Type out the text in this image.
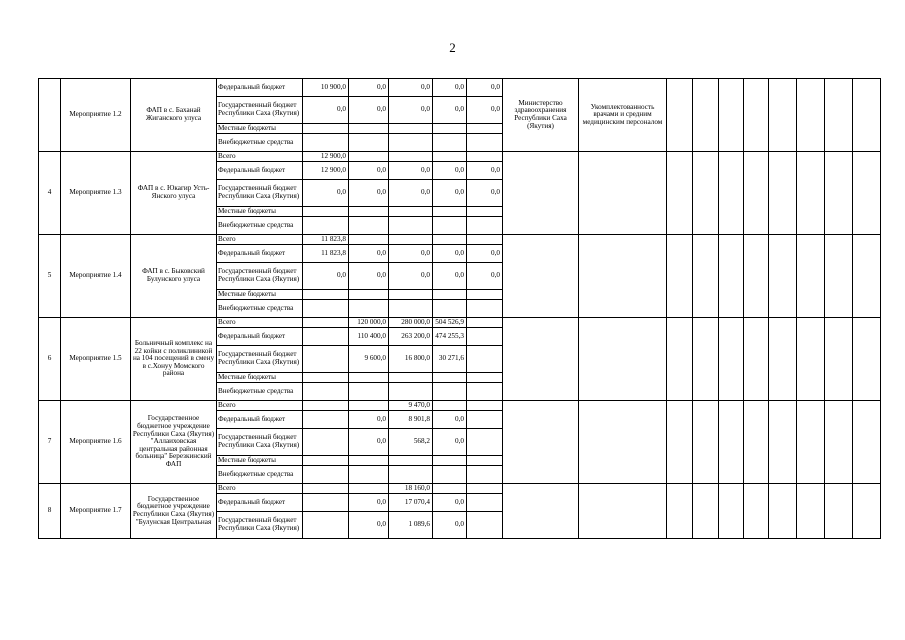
2
	Мероприятие 1.2	ФАП в с. Баханай Жиганского улуса	Федеральный бюджет	10 900,0	0,0	0,0	0,0	0,0	Министерство здравоохранения Республики Саха (Якутия)	Укомплектованность врачами и средним медицинским персоналом								
			Государственный бюджет Республики Саха (Якутия)	0,0	0,0	0,0	0,0	0,0										
			Местные бюджеты															
			Внебюджетные средства															
4	Мероприятие 1.3	ФАП в с. Юкагир Усть-Янского улуса	Всего	12 900,0														
			Федеральный бюджет	12 900,0	0,0	0,0	0,0	0,0										
			Государственный бюджет Республики Саха (Якутия)	0,0	0,0	0,0	0,0	0,0										
			Местные бюджеты															
			Внебюджетные средства															
5	Мероприятие 1.4	ФАП в с. Быковский Булунского улуса	Всего	11 823,8														
			Федеральный бюджет	11 823,8	0,0	0,0	0,0	0,0										
			Государственный бюджет Республики Саха (Якутия)	0,0	0,0	0,0	0,0	0,0										
			Местные бюджеты															
			Внебюджетные средства															
6	Мероприятие 1.5	Больничный комплекс на 22 койки с поликлиникой на 104 посещений в смену в с.Хонуу Момского района	Всего		120 000,0	280 000,0	504 526,9											
			Федеральный бюджет		110 400,0	263 200,0	474 255,3											
			Государственный бюджет Республики Саха (Якутия)		9 600,0	16 800,0	30 271,6											
			Местные бюджеты															
			Внебюджетные средства															
7	Мероприятие 1.6	Государственное бюджетное учреждение Республики Саха (Якутия) "Аллаиховская центральная районная больница" Березкинский ФАП	Всего			9 470,0												
			Федеральный бюджет		0,0	8 901,8	0,0											
			Государственный бюджет Республики Саха (Якутия)		0,0	568,2	0,0											
			Местные бюджеты															
			Внебюджетные средства															
8	Мероприятие 1.7	Государственное бюджетное учреждение Республики Саха (Якутия) "Булунская Центральная	Всего			18 160,0												
			Федеральный бюджет		0,0	17 070,4	0,0											
			Государственный бюджет Республики Саха (Якутия)		0,0	1 089,6	0,0											
